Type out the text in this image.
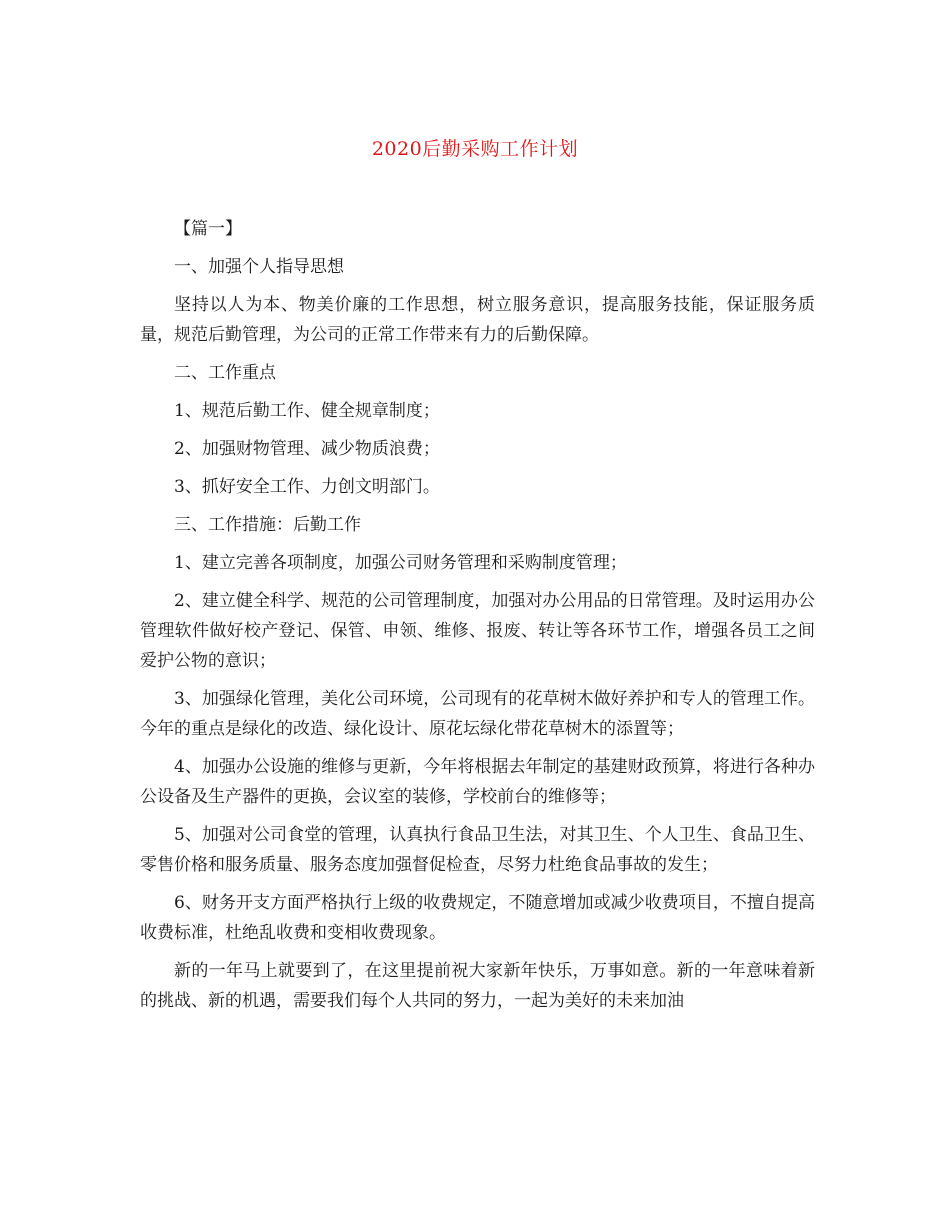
2020后勤采购工作计划

【篇一】

一、加强个人指导思想

坚持以人为本、物美价廉的工作思想，树立服务意识，提高服务技能，保证服务质量，规范后勤管理，为公司的正常工作带来有力的后勤保障。

二、工作重点

1、规范后勤工作、健全规章制度；

2、加强财物管理、减少物质浪费；

3、抓好安全工作、力创文明部门。

三、工作措施：后勤工作

1、建立完善各项制度，加强公司财务管理和采购制度管理；

2、建立健全科学、规范的公司管理制度，加强对办公用品的日常管理。及时运用办公管理软件做好校产登记、保管、申领、维修、报废、转让等各环节工作，增强各员工之间爱护公物的意识；

3、加强绿化管理，美化公司环境，公司现有的花草树木做好养护和专人的管理工作。今年的重点是绿化的改造、绿化设计、原花坛绿化带花草树木的添置等；

4、加强办公设施的维修与更新，今年将根据去年制定的基建财政预算，将进行各种办公设备及生产器件的更换，会议室的装修，学校前台的维修等；

5、加强对公司食堂的管理，认真执行食品卫生法，对其卫生、个人卫生、食品卫生、零售价格和服务质量、服务态度加强督促检查，尽努力杜绝食品事故的发生；

6、财务开支方面严格执行上级的收费规定，不随意增加或减少收费项目，不擅自提高收费标准，杜绝乱收费和变相收费现象。

新的一年马上就要到了，在这里提前祝大家新年快乐，万事如意。新的一年意味着新的挑战、新的机遇，需要我们每个人共同的努力，一起为美好的未来加油
